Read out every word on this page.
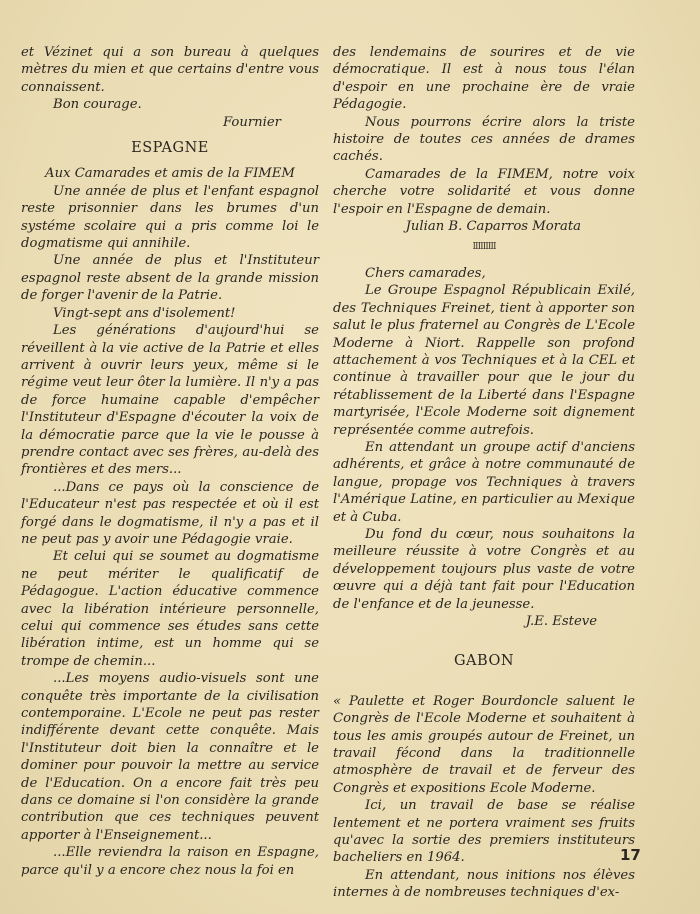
et Vézinet qui a son bureau à quelques mètres du mien et que certains d'entre vous connaissent.

Bon courage.

Fournier

ESPAGNE

Aux Camarades et amis de la FIMEM

Une année de plus et l'enfant espagnol reste prisonnier dans les brumes d'un systéme scolaire qui a pris comme loi le dogmatisme qui annihile.

Une année de plus et l'Instituteur espagnol reste absent de la grande mission de forger l'avenir de la Patrie.

Vingt-sept ans d'isolement!

Les générations d'aujourd'hui se réveillent à la vie active de la Patrie et elles arrivent à ouvrir leurs yeux, même si le régime veut leur ôter la lumière. Il n'y a pas de force humaine capable d'empêcher l'Instituteur d'Espagne d'écouter la voix de la démocratie parce que la vie le pousse à prendre contact avec ses frères, au-delà des frontières et des mers...

...Dans ce pays où la conscience de l'Educateur n'est pas respectée et où il est forgé dans le dogmatisme, il n'y a pas et il ne peut pas y avoir une Pédagogie vraie.

Et celui qui se soumet au dogmatisme ne peut mériter le qualificatif de Pédagogue. L'action éducative commence avec la libération intérieure personnelle, celui qui commence ses études sans cette libération intime, est un homme qui se trompe de chemin...

...Les moyens audio-visuels sont une conquête très importante de la civilisation contemporaine. L'Ecole ne peut pas rester indifférente devant cette conquête. Mais l'Instituteur doit bien la connaître et le dominer pour pouvoir la mettre au service de l'Education. On a encore fait très peu dans ce domaine si l'on considère la grande contribution que ces techniques peuvent apporter à l'Enseignement...

...Elle reviendra la raison en Espagne, parce qu'il y a encore chez nous la foi en

des lendemains de sourires et de vie démocratique. Il est à nous tous l'élan d'espoir en une prochaine ère de vraie Pédagogie.

Nous pourrons écrire alors la triste histoire de toutes ces années de drames cachés.

Camarades de la FIMEM, notre voix cherche votre solidarité et vous donne l'espoir en l'Espagne de demain.

Julian B. Caparros Morata

IIIIIIIII

Chers camarades,

Le Groupe Espagnol Républicain Exilé, des Techniques Freinet, tient à apporter son salut le plus fraternel au Congrès de L'Ecole Moderne à Niort. Rappelle son profond attachement à vos Techniques et à la CEL et continue à travailler pour que le jour du rétablissement de la Liberté dans l'Espagne martyrisée, l'Ecole Moderne soit dignement représentée comme autrefois.

En attendant un groupe actif d'anciens adhérents, et grâce à notre communauté de langue, propage vos Techniques à travers l'Amérique Latine, en particulier au Mexique et à Cuba.

Du fond du cœur, nous souhaitons la meilleure réussite à votre Congrès et au développement toujours plus vaste de votre œuvre qui a déjà tant fait pour l'Education de l'enfance et de la jeunesse.

J.E. Esteve

GABON

« Paulette et Roger Bourdoncle saluent le Congrès de l'Ecole Moderne et souhaitent à tous les amis groupés autour de Freinet, un travail fécond dans la traditionnelle atmosphère de travail et de ferveur des Congrès et expositions Ecole Moderne.

Ici, un travail de base se réalise lentement et ne portera vraiment ses fruits qu'avec la sortie des premiers instituteurs bacheliers en 1964.

En attendant, nous initions nos élèves internes à de nombreuses techniques d'ex-

17
